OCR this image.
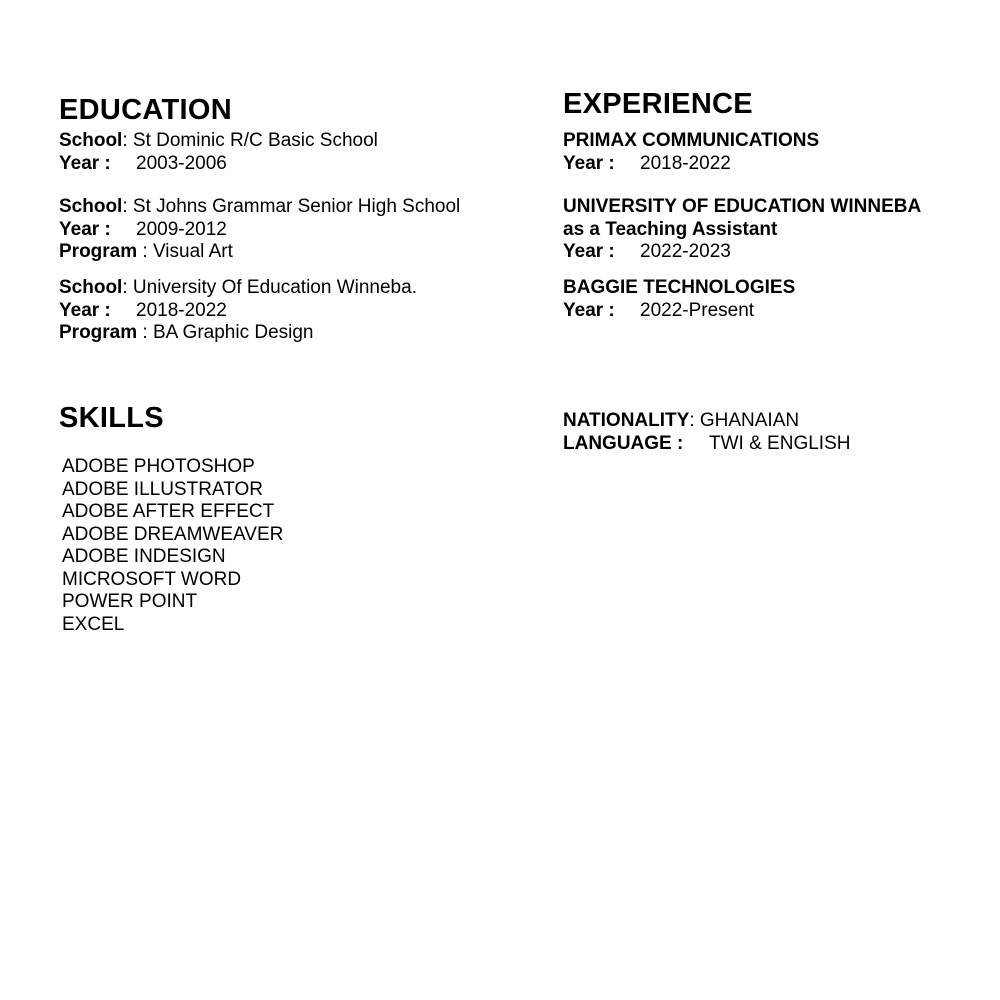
EDUCATION
School: St Dominic R/C Basic School
Year : 2003-2006
School: St Johns Grammar Senior High School
Year : 2009-2012
Program : Visual Art
School: University Of Education Winneba.
Year : 2018-2022
Program : BA Graphic Design
EXPERIENCE
PRIMAX COMMUNICATIONS
Year : 2018-2022
UNIVERSITY OF EDUCATION WINNEBA
as a Teaching Assistant
Year : 2022-2023
BAGGIE TECHNOLOGIES
Year : 2022-Present
SKILLS
ADOBE PHOTOSHOP
ADOBE ILLUSTRATOR
ADOBE AFTER EFFECT
ADOBE DREAMWEAVER
ADOBE INDESIGN
MICROSOFT WORD
POWER POINT
EXCEL
NATIONALITY: GHANAIAN
LANGUAGE : TWI & ENGLISH
